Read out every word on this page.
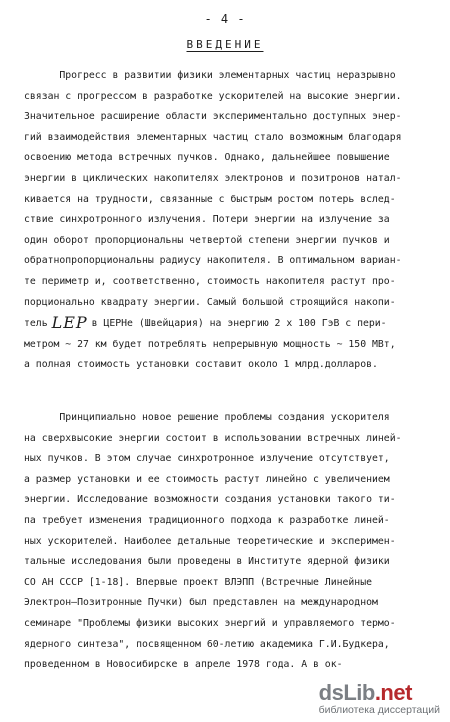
- 4 -
ВВЕДЕНИЕ
Прогресс в развитии физики элементарных частиц неразрывно
связан с прогрессом в разработке ускорителей на высокие энергии.
Значительное расширение области экспериментально доступных энер-
гий взаимодействия элементарных частиц стало возможным благодаря
освоению метода встречных пучков. Однако, дальнейшее повышение
энергии в циклических накопителях электронов и позитронов натал-
кивается на трудности, связанные с быстрым ростом потерь вслед-
ствие синхротронного излучения. Потери энергии на излучение за
один оборот пропорциональны четвертой степени энергии пучков и
обратнопропорциональны радиусу накопителя. В оптимальном вариан-
те периметр и, соответственно, стоимость накопителя растут про-
порционально квадрату энергии. Самый большой строящийся накопи-
тель LEP в ЦЕРНе (Швейцария) на энергию 2 х 100 ГэВ с пери-
метром ~ 27 км будет потреблять непрерывную мощность ~ 150 МВт,
а полная стоимость установки составит около 1 млрд.долларов.
Принципиально новое решение проблемы создания ускорителя
на сверхвысокие энергии состоит в использовании встречных линей-
ных пучков. В этом случае синхротронное излучение отсутствует,
а размер установки и ее стоимость растут линейно с увеличением
энергии. Исследование возможности создания установки такого ти-
па требует изменения традиционного подхода к разработке линей-
ных ускорителей. Наиболее детальные теоретические и эксперимен-
тальные исследования были проведены в Институте ядерной физики
СО АН СССР [1-18]. Впервые проект ВЛЭПП (Встречные Линейные
Электрон—Позитронные Пучки) был представлен на международном
семинаре "Проблемы физики высоких энергий и управляемого термо-
ядерного синтеза", посвященном 60-летию академика Г.И.Будкера,
проведенном в Новосибирске в апреле 1978 года. А в ок-
dsLib.net
библиотека диссертаций
